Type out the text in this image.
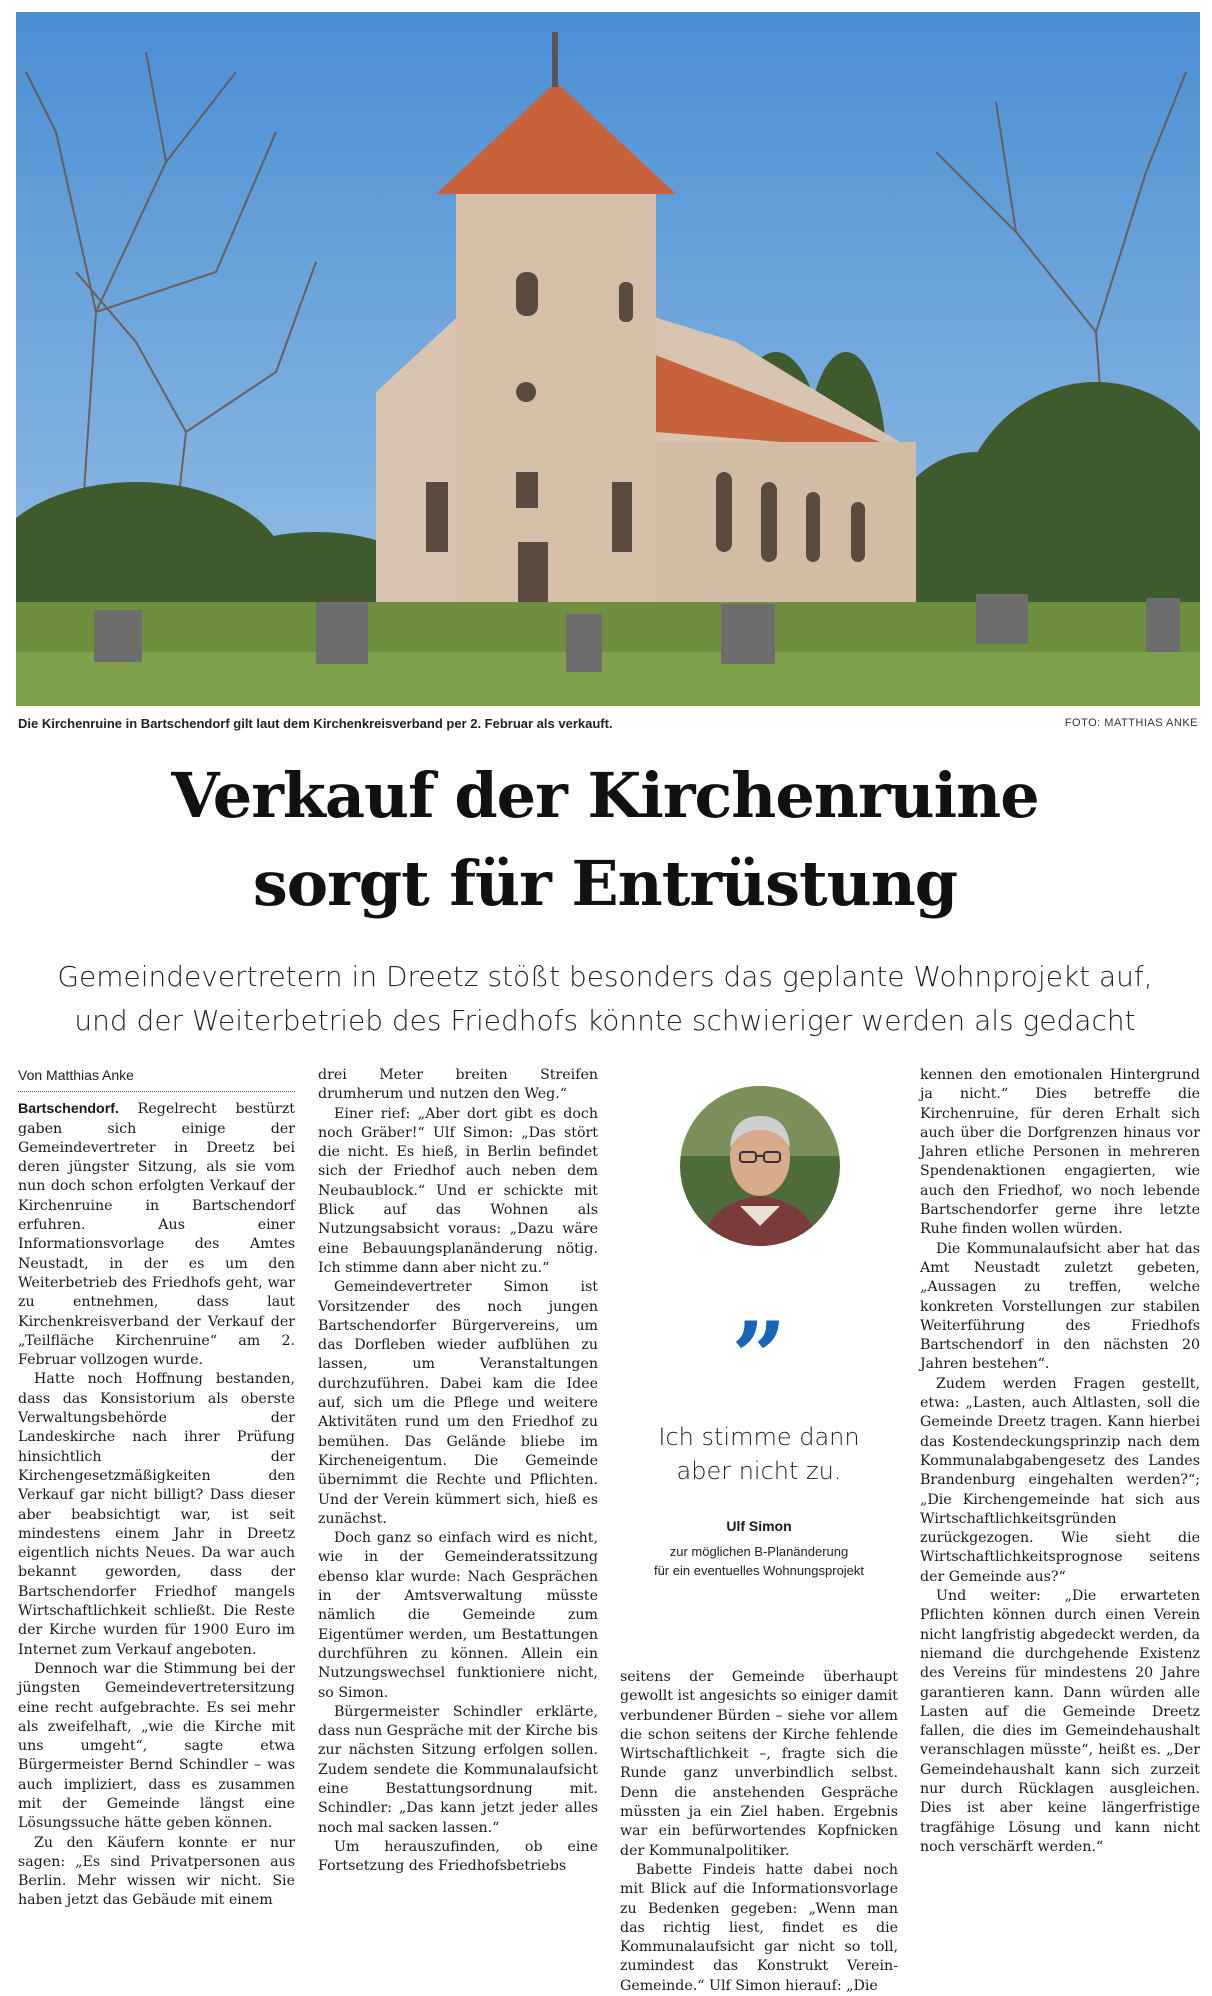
Die Kirchenruine in Bartschendorf gilt laut dem Kirchenkreisverband per 2. Februar als verkauft.	FOTO: MATTHIAS ANKE
Verkauf der Kirchenruine
sorgt für Entrüstung
Gemeindevertretern in Dreetz stößt besonders das geplante Wohnprojekt auf,
und der Weiterbetrieb des Friedhofs könnte schwieriger werden als gedacht
Von Matthias Anke

Bartschendorf. Regelrecht bestürzt gaben sich einige der Gemeindevertreter in Dreetz bei deren jüngster Sitzung, als sie vom nun doch schon erfolgten Verkauf der Kirchenruine in Bartschendorf erfuhren. Aus einer Informationsvorlage des Amtes Neustadt, in der es um den Weiterbetrieb des Friedhofs geht, war zu entnehmen, dass laut Kirchenkreisverband der Verkauf der „Teilfläche Kirchenruine“ am 2. Februar vollzogen wurde.

Hatte noch Hoffnung bestanden, dass das Konsistorium als oberste Verwaltungsbehörde der Landeskirche nach ihrer Prüfung hinsichtlich der Kirchengesetzmäßigkeiten den Verkauf gar nicht billigt? Dass dieser aber beabsichtigt war, ist seit mindestens einem Jahr in Dreetz eigentlich nichts Neues. Da war auch bekannt geworden, dass der Bartschendorfer Friedhof mangels Wirtschaftlichkeit schließt. Die Reste der Kirche wurden für 1900 Euro im Internet zum Verkauf angeboten.

Dennoch war die Stimmung bei der jüngsten Gemeindevertretersitzung eine recht aufgebrachte. Es sei mehr als zweifelhaft, „wie die Kirche mit uns umgeht“, sagte etwa Bürgermeister Bernd Schindler – was auch impliziert, dass es zusammen mit der Gemeinde längst eine Lösungssuche hätte geben können.

Zu den Käufern konnte er nur sagen: „Es sind Privatpersonen aus Berlin. Mehr wissen wir nicht. Sie haben jetzt das Gebäude mit einem

drei Meter breiten Streifen drumherum und nutzen den Weg.“

Einer rief: „Aber dort gibt es doch noch Gräber!“ Ulf Simon: „Das stört die nicht. Es hieß, in Berlin befindet sich der Friedhof auch neben dem Neubaublock.“ Und er schickte mit Blick auf das Wohnen als Nutzungsabsicht voraus: „Dazu wäre eine Bebauungsplanänderung nötig. Ich stimme dann aber nicht zu.“

Gemeindevertreter Simon ist Vorsitzender des noch jungen Bartschendorfer Bürgervereins, um das Dorfleben wieder aufblühen zu lassen, um Veranstaltungen durchzuführen. Dabei kam die Idee auf, sich um die Pflege und weitere Aktivitäten rund um den Friedhof zu bemühen. Das Gelände bliebe im Kircheneigentum. Die Gemeinde übernimmt die Rechte und Pflichten. Und der Verein kümmert sich, hieß es zunächst.

Doch ganz so einfach wird es nicht, wie in der Gemeinderatssitzung ebenso klar wurde: Nach Gesprächen in der Amtsverwaltung müsste nämlich die Gemeinde zum Eigentümer werden, um Bestattungen durchführen zu können. Allein ein Nutzungswechsel funktioniere nicht, so Simon.

Bürgermeister Schindler erklärte, dass nun Gespräche mit der Kirche bis zur nächsten Sitzung erfolgen sollen. Zudem sendete die Kommunalaufsicht eine Bestattungsordnung mit. Schindler: „Das kann jetzt jeder alles noch mal sacken lassen.“

Um herauszufinden, ob eine Fortsetzung des Friedhofsbetriebs

”
Ich stimme dann
aber nicht zu.
Ulf Simon
zur möglichen B-Planänderung
für ein eventuelles Wohnungsprojekt

seitens der Gemeinde überhaupt gewollt ist angesichts so einiger damit verbundener Bürden – siehe vor allem die schon seitens der Kirche fehlende Wirtschaftlichkeit –, fragte sich die Runde ganz unverbindlich selbst. Denn die anstehenden Gespräche müssten ja ein Ziel haben. Ergebnis war ein befürwortendes Kopfnicken der Kommunalpolitiker.

Babette Findeis hatte dabei noch mit Blick auf die Informationsvorlage zu Bedenken gegeben: „Wenn man das richtig liest, findet es die Kommunalaufsicht gar nicht so toll, zumindest das Konstrukt Verein-Gemeinde.“ Ulf Simon hierauf: „Die

kennen den emotionalen Hintergrund ja nicht.“ Dies betreffe die Kirchenruine, für deren Erhalt sich auch über die Dorfgrenzen hinaus vor Jahren etliche Personen in mehreren Spendenaktionen engagierten, wie auch den Friedhof, wo noch lebende Bartschendorfer gerne ihre letzte Ruhe finden wollen würden.

Die Kommunalaufsicht aber hat das Amt Neustadt zuletzt gebeten, „Aussagen zu treffen, welche konkreten Vorstellungen zur stabilen Weiterführung des Friedhofs Bartschendorf in den nächsten 20 Jahren bestehen“.

Zudem werden Fragen gestellt, etwa: „Lasten, auch Altlasten, soll die Gemeinde Dreetz tragen. Kann hierbei das Kostendeckungsprinzip nach dem Kommunalabgabengesetz des Landes Brandenburg eingehalten werden?“; „Die Kirchengemeinde hat sich aus Wirtschaftlichkeitsgründen zurückgezogen. Wie sieht die Wirtschaftlichkeitsprognose seitens der Gemeinde aus?“

Und weiter: „Die erwarteten Pflichten können durch einen Verein nicht langfristig abgedeckt werden, da niemand die durchgehende Existenz des Vereins für mindestens 20 Jahre garantieren kann. Dann würden alle Lasten auf die Gemeinde Dreetz fallen, die dies im Gemeindehaushalt veranschlagen müsste“, heißt es. „Der Gemeindehaushalt kann sich zurzeit nur durch Rücklagen ausgleichen. Dies ist aber keine längerfristige tragfähige Lösung und kann nicht noch verschärft werden.“
